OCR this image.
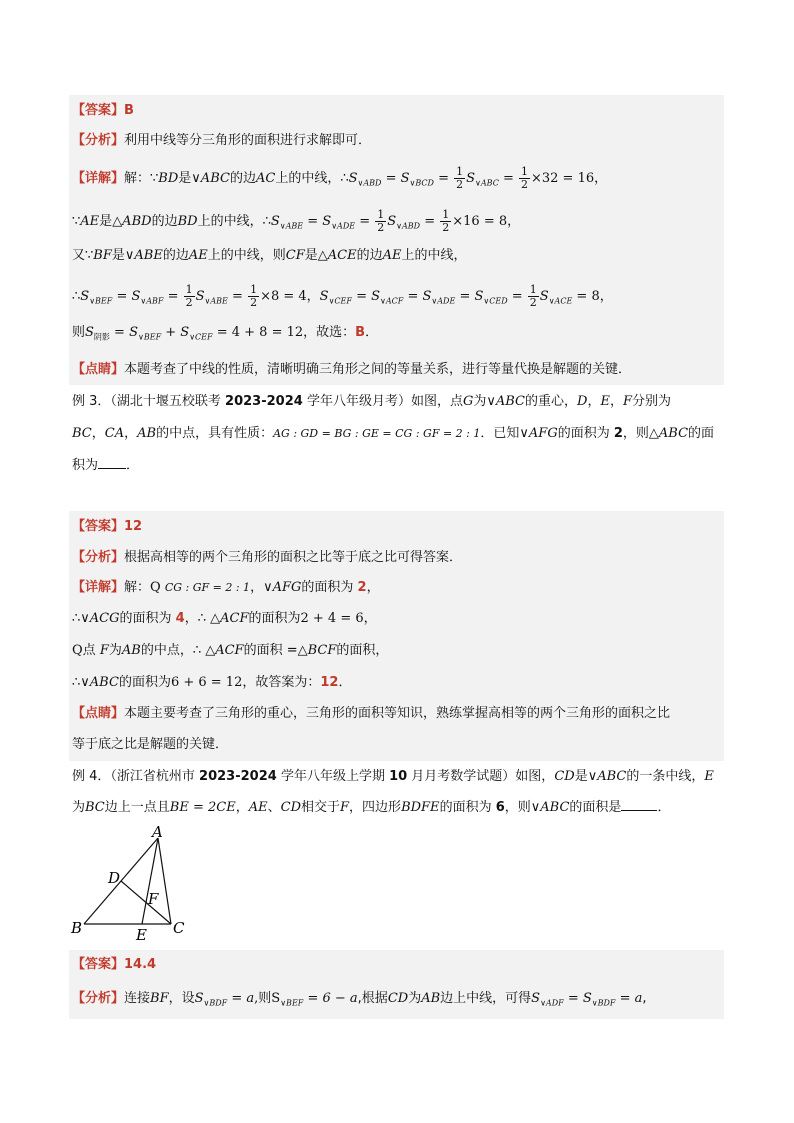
【答案】B
【分析】利用中线等分三角形的面积进行求解即可．
【详解】解：∵BD是∨ABC的边AC上的中线，$\therefore S_{\vee ABD} = S_{\vee BCD} = \frac{1}{2} S_{\vee ABC} = \frac{1}{2} \times 32 = 16$，
∵AE是△ABD的边BD上的中线，$\therefore S_{\vee ABE} = S_{\vee ADE} = \frac{1}{2} S_{\vee ABD} = \frac{1}{2} \times 16 = 8$，
又∵BF是∨ABE的边AE上的中线，则CF是△ACE的边AE上的中线，
$\therefore S_{\vee BEF} = S_{\vee ABF} = \frac{1}{2} S_{\vee ABE} = \frac{1}{2} \times 8 = 4$，$S_{\vee CEF} = S_{\vee ACF} = S_{\vee ADE} = S_{\vee CED} = \frac{1}{2} S_{\vee ACE} = 8$，
则$S_{阴影} = S_{\vee BEF} + S_{\vee CEF} = 4 + 8 = 12$，故选：B．
【点睛】本题考查了中线的性质，清晰明确三角形之间的等量关系，进行等量代换是解题的关键．
例 3．（湖北十堰五校联考 2023-2024 学年八年级月考）如图，点G为∨ABC的重心，D，E，F分别为
BC，CA，AB的中点，具有性质：AG : GD = BG : GE = CG : GF = 2 : 1．已知∨AFG的面积为 2，则△ABC的面
积为 ．
【答案】12
【分析】根据高相等的两个三角形的面积之比等于底之比可得答案．
【详解】解：Q CG : GF = 2 : 1，∨AFG的面积为 2，
∴∨ACG的面积为 4，∴ △ACF的面积为2 + 4 = 6，
Q点 F为AB的中点，∴ △ACF的面积 =△BCF的面积，
∴∨ABC的面积为6 + 6 = 12，故答案为：12．
【点睛】本题主要考查了三角形的重心，三角形的面积等知识，熟练掌握高相等的两个三角形的面积之比
等于底之比是解题的关键．
例 4．（浙江省杭州市 2023-2024 学年八年级上学期 10 月月考数学试题）如图，CD是∨ABC的一条中线，E
为BC边上一点且BE = 2CE，AE、CD相交于F，四边形BDFE的面积为 6，则∨ABC的面积是	．
A
B	C
D
E
F
【答案】14.4
【分析】连接BF，设$S_{\vee BDF} = a$,则$S_{\vee BEF} = 6 - a$,根据CD为AB边上中线，可得$S_{\vee ADF} = S_{\vee BDF} = a$,
